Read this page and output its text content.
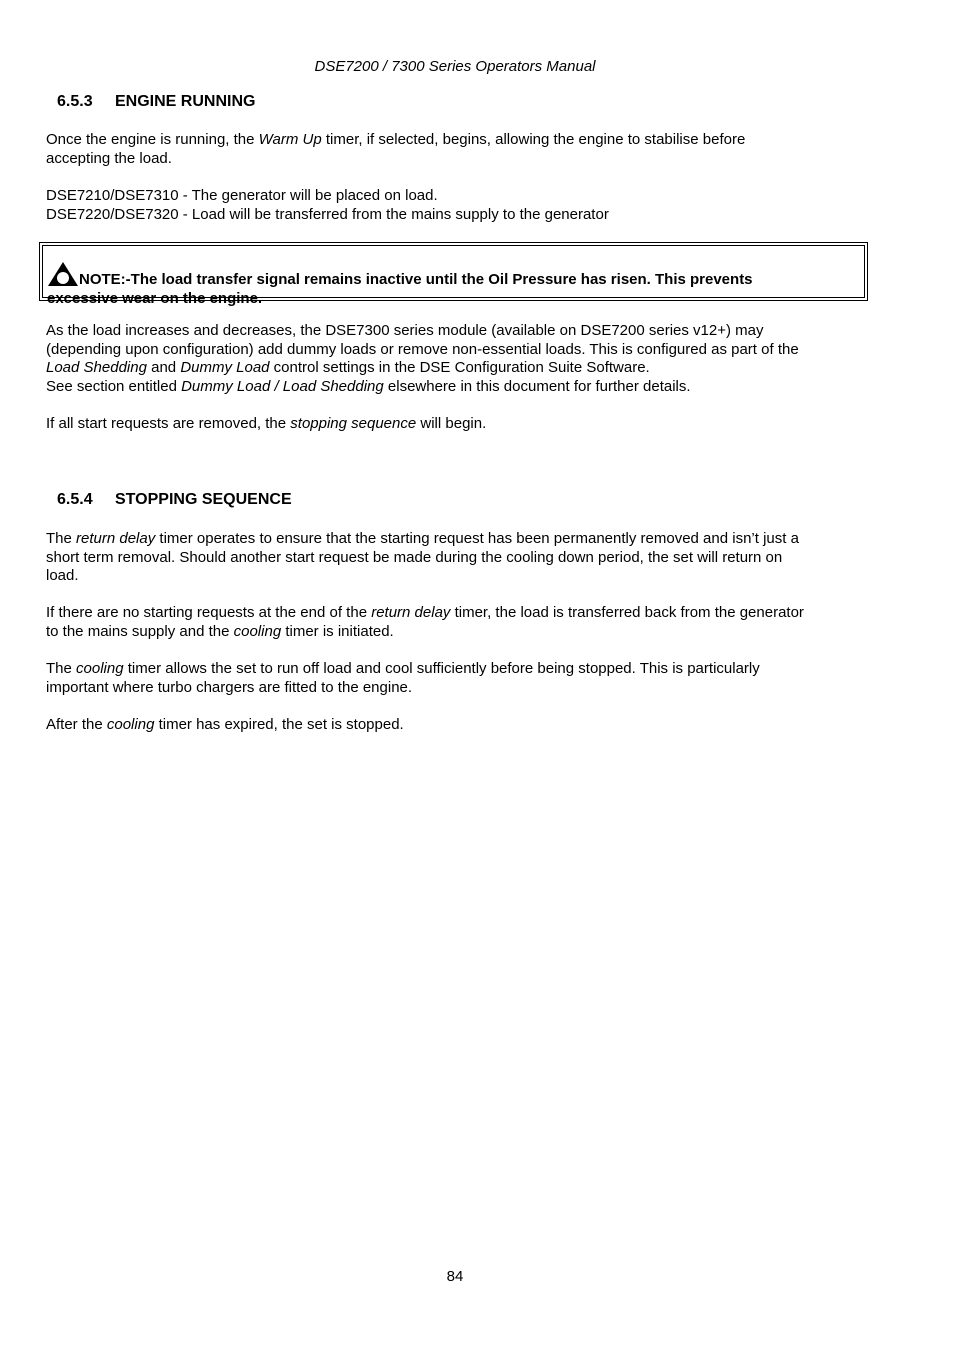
DSE7200 / 7300 Series Operators Manual
6.5.3 ENGINE RUNNING

Once the engine is running, the Warm Up timer, if selected, begins, allowing the engine to stabilise before
accepting the load.

DSE7210/DSE7310 - The generator will be placed on load.
DSE7220/DSE7320 - Load will be transferred from the mains supply to the generator

NOTE:-The load transfer signal remains inactive until the Oil Pressure has risen. This prevents
excessive wear on the engine.

As the load increases and decreases, the DSE7300 series module (available on DSE7200 series v12+) may
(depending upon configuration) add dummy loads or remove non-essential loads. This is configured as part of the
Load Shedding and Dummy Load control settings in the DSE Configuration Suite Software.
See section entitled Dummy Load / Load Shedding elsewhere in this document for further details.

If all start requests are removed, the stopping sequence will begin.

6.5.4 STOPPING SEQUENCE

The return delay timer operates to ensure that the starting request has been permanently removed and isn’t just a
short term removal. Should another start request be made during the cooling down period, the set will return on
load.

If there are no starting requests at the end of the return delay timer, the load is transferred back from the generator
to the mains supply and the cooling timer is initiated.

The cooling timer allows the set to run off load and cool sufficiently before being stopped. This is particularly
important where turbo chargers are fitted to the engine.

After the cooling timer has expired, the set is stopped.

84
